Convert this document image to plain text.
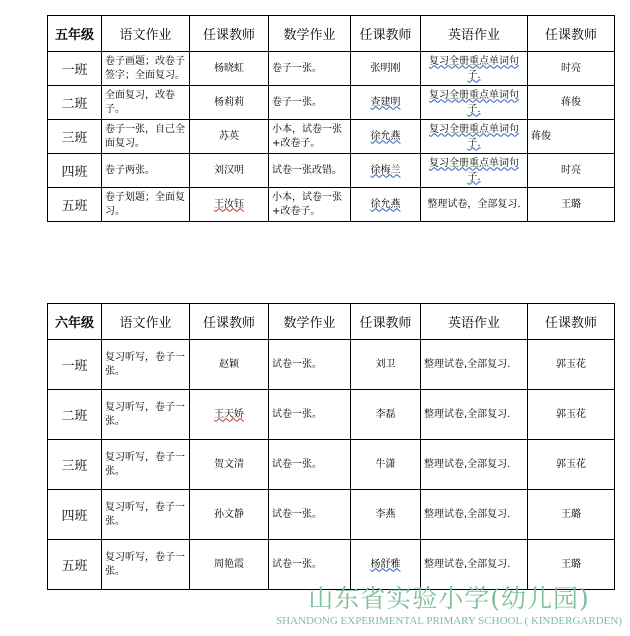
五年级	语文作业	任课教师	数学作业	任课教师	英语作业	任课教师
一班	卷子画题；改卷子签字；全面复习。	杨晓虹	卷子一张。	张明刚	复习全册重点单词句子.	时亮
二班	全面复习，改卷子。	杨莉莉	卷子一张。	查建明	复习全册重点单词句子.	蒋俊
三班	卷子一张，自己全面复习。	苏英	小本，试卷一张+改卷子。	徐允燕	复习全册重点单词句子.	蒋俊
四班	卷子两张。	刘汉明	试卷一张改错。	徐梅兰	复习全册重点单词句子.	时亮
五班	卷子划题；全面复习。	王汝钰	小本，试卷一张+改卷子。	徐允燕	整理试卷，全部复习.	王璐
六年级	语文作业	任课教师	数学作业	任课教师	英语作业	任课教师
一班	复习听写，卷子一张。	赵颖	试卷一张。	刘卫	整理试卷,全部复习.	郭玉花
二班	复习听写，卷子一张。	王天娇	试卷一张。	李磊	整理试卷,全部复习.	郭玉花
三班	复习听写，卷子一张。	贺文清	试卷一张。	牛潇	整理试卷,全部复习.	郭玉花
四班	复习听写，卷子一张。	孙文静	试卷一张。	李燕	整理试卷,全部复习.	王璐
五班	复习听写，卷子一张。	周艳霞	试卷一张。	杨舒雅	整理试卷,全部复习.	王璐
山东省实验小学(幼儿园)
SHANDONG EXPERIMENTAL PRIMARY SCHOOL ( KINDERGARDEN)
